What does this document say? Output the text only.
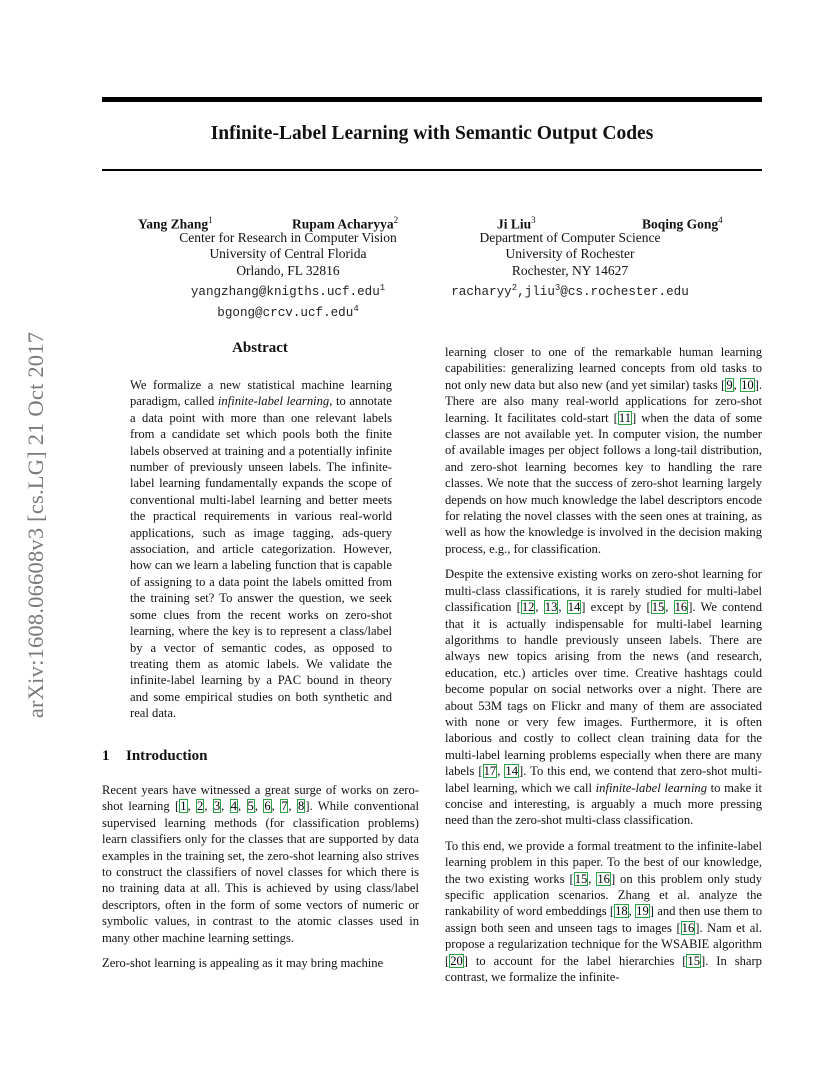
Infinite-Label Learning with Semantic Output Codes
arXiv:1608.06608v3 [cs.LG] 21 Oct 2017
Yang Zhang$^1$	Rupam Acharyya$^2$	Ji Liu$^3$	Boqing Gong$^4$
Center for Research in Computer Vision
University of Central Florida
Orlando, FL 32816
yangzhang@knigths.ucf.edu$^1$
bgong@crcv.ucf.edu$^4$
Department of Computer Science
University of Rochester
Rochester, NY 14627
racharyy$^2$,jliu$^3$@cs.rochester.edu
Abstract
We formalize a new statistical machine learning paradigm, called infinite-label learning, to annotate a data point with more than one relevant labels from a candidate set which pools both the finite labels observed at training and a potentially infinite number of previously unseen labels. The infinite-label learning fundamentally expands the scope of conventional multi-label learning and better meets the practical requirements in various real-world applications, such as image tagging, ads-query association, and article categorization. However, how can we learn a labeling function that is capable of assigning to a data point the labels omitted from the training set? To answer the question, we seek some clues from the recent works on zero-shot learning, where the key is to represent a class/label by a vector of semantic codes, as opposed to treating them as atomic labels. We validate the infinite-label learning by a PAC bound in theory and some empirical studies on both synthetic and real data.
1 Introduction

Recent years have witnessed a great surge of works on zero-shot learning [1, 2, 3, 4, 5, 6, 7, 8]. While conventional supervised learning methods (for classification problems) learn classifiers only for the classes that are supported by data examples in the training set, the zero-shot learning also strives to construct the classifiers of novel classes for which there is no training data at all. This is achieved by using class/label descriptors, often in the form of some vectors of numeric or symbolic values, in contrast to the atomic classes used in many other machine learning settings.

Zero-shot learning is appealing as it may bring machine

learning closer to one of the remarkable human learning capabilities: generalizing learned concepts from old tasks to not only new data but also new (and yet similar) tasks [9, 10]. There are also many real-world applications for zero-shot learning. It facilitates cold-start [11] when the data of some classes are not available yet. In computer vision, the number of available images per object follows a long-tail distribution, and zero-shot learning becomes key to handling the rare classes. We note that the success of zero-shot learning largely depends on how much knowledge the label descriptors encode for relating the novel classes with the seen ones at training, as well as how the knowledge is involved in the decision making process, e.g., for classification.

Despite the extensive existing works on zero-shot learning for multi-class classifications, it is rarely studied for multi-label classification [12, 13, 14] except by [15, 16]. We contend that it is actually indispensable for multi-label learning algorithms to handle previously unseen labels. There are always new topics arising from the news (and research, education, etc.) articles over time. Creative hashtags could become popular on social networks over a night. There are about 53M tags on Flickr and many of them are associated with none or very few images. Furthermore, it is often laborious and costly to collect clean training data for the multi-label learning problems especially when there are many labels [17, 14]. To this end, we contend that zero-shot multi-label learning, which we call infinite-label learning to make it concise and interesting, is arguably a much more pressing need than the zero-shot multi-class classification.

To this end, we provide a formal treatment to the infinite-label learning problem in this paper. To the best of our knowledge, the two existing works [15, 16] on this problem only study specific application scenarios. Zhang et al. analyze the rankability of word embeddings [18, 19] and then use them to assign both seen and unseen tags to images [16]. Nam et al. propose a regularization technique for the WSABIE algorithm [20] to account for the label hierarchies [15]. In sharp contrast, we formalize the infinite-
